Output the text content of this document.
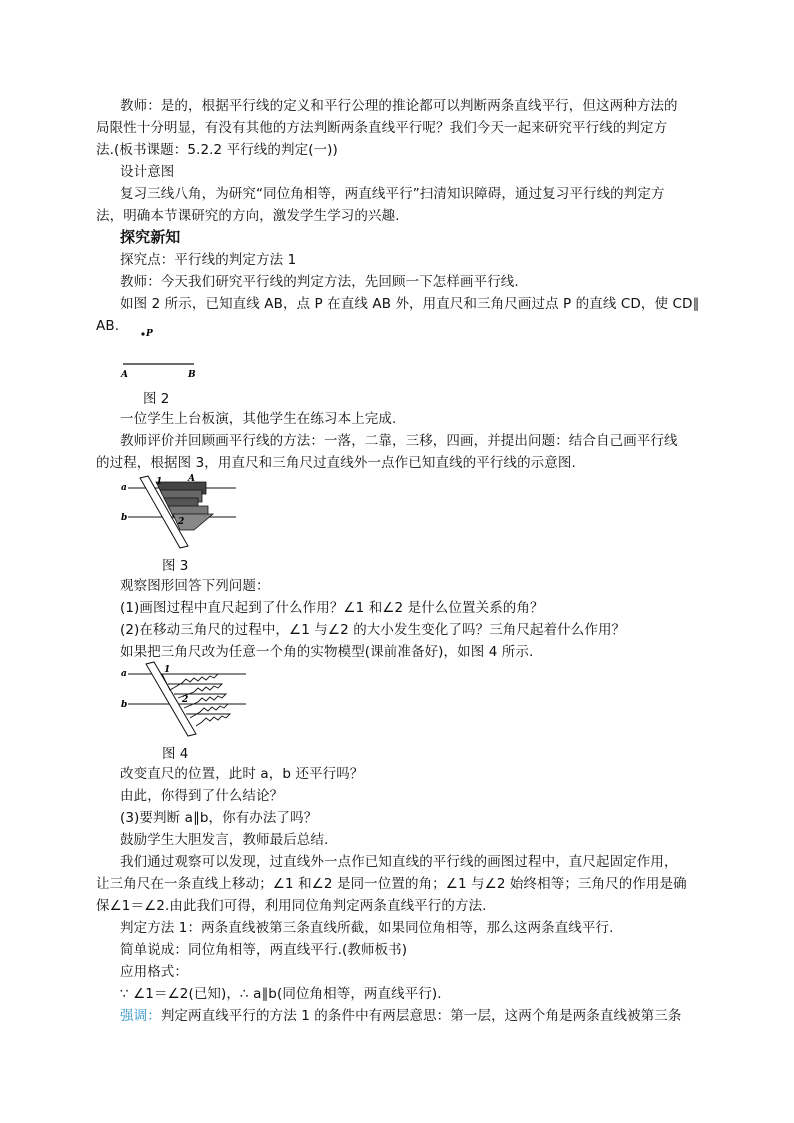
教师：是的，根据平行线的定义和平行公理的推论都可以判断两条直线平行，但这两种方法的
局限性十分明显，有没有其他的方法判断两条直线平行呢？我们今天一起来研究平行线的判定方
法.(板书课题：5.2.2 平行线的判定(一))
设计意图
复习三线八角，为研究“同位角相等，两直线平行”扫清知识障碍，通过复习平行线的判定方
法，明确本节课研究的方向，激发学生学习的兴趣.
探究新知
探究点：平行线的判定方法 1
教师：今天我们研究平行线的判定方法，先回顾一下怎样画平行线.
如图 2 所示，已知直线 AB，点 P 在直线 AB 外，用直尺和三角尺画过点 P 的直线 CD，使 CD∥
AB.	P
A	B
图 2
一位学生上台板演，其他学生在练习本上完成.
教师评价并回顾画平行线的方法：一落，二靠，三移，四画，并提出问题：结合自己画平行线
的过程，根据图 3，用直尺和三角尺过直线外一点作已知直线的平行线的示意图.
a
b
1	A
2
图 3
观察图形回答下列问题：
(1)画图过程中直尺起到了什么作用？∠1 和∠2 是什么位置关系的角？
(2)在移动三角尺的过程中，∠1 与∠2 的大小发生变化了吗？三角尺起着什么作用？
如果把三角尺改为任意一个角的实物模型(课前准备好)，如图 4 所示.
a
b
1
2
图 4
改变直尺的位置，此时 a，b 还平行吗？
由此，你得到了什么结论？
(3)要判断 a∥b，你有办法了吗？
鼓励学生大胆发言，教师最后总结.
我们通过观察可以发现，过直线外一点作已知直线的平行线的画图过程中，直尺起固定作用，
让三角尺在一条直线上移动；∠1 和∠2 是同一位置的角；∠1 与∠2 始终相等；三角尺的作用是确
保∠1＝∠2.由此我们可得，利用同位角判定两条直线平行的方法.
判定方法 1：两条直线被第三条直线所截，如果同位角相等，那么这两条直线平行.
简单说成：同位角相等，两直线平行.(教师板书)
应用格式：
∵ ∠1＝∠2(已知)，∴ a∥b(同位角相等，两直线平行).
强调：判定两直线平行的方法 1 的条件中有两层意思：第一层，这两个角是两条直线被第三条
